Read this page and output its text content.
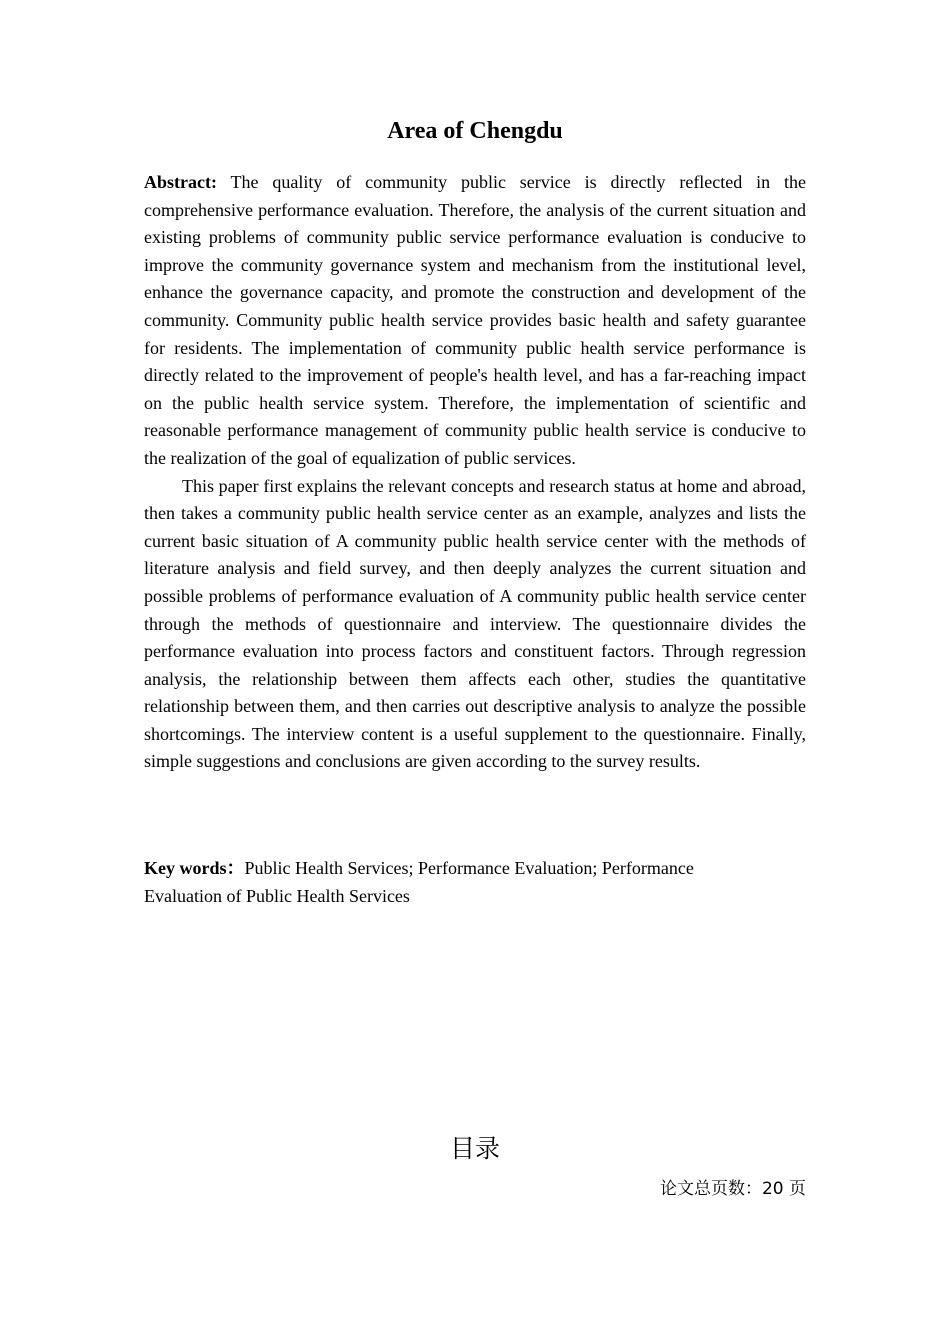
Area of Chengdu

Abstract: The quality of community public service is directly reflected in the comprehensive performance evaluation. Therefore, the analysis of the current situation and existing problems of community public service performance evaluation is conducive to improve the community governance system and mechanism from the institutional level, enhance the governance capacity, and promote the construction and development of the community. Community public health service provides basic health and safety guarantee for residents. The implementation of community public health service performance is directly related to the improvement of people's health level, and has a far-reaching impact on the public health service system. Therefore, the implementation of scientific and reasonable performance management of community public health service is conducive to the realization of the goal of equalization of public services.

This paper first explains the relevant concepts and research status at home and abroad, then takes a community public health service center as an example, analyzes and lists the current basic situation of A community public health service center with the methods of literature analysis and field survey, and then deeply analyzes the current situation and possible problems of performance evaluation of A community public health service center through the methods of questionnaire and interview. The questionnaire divides the performance evaluation into process factors and constituent factors. Through regression analysis, the relationship between them affects each other, studies the quantitative relationship between them, and then carries out descriptive analysis to analyze the possible shortcomings. The interview content is a useful supplement to the questionnaire. Finally, simple suggestions and conclusions are given according to the survey results.

Key words：Public Health Services; Performance Evaluation; Performance
Evaluation of Public Health Services
目录
论文总页数：20 页
